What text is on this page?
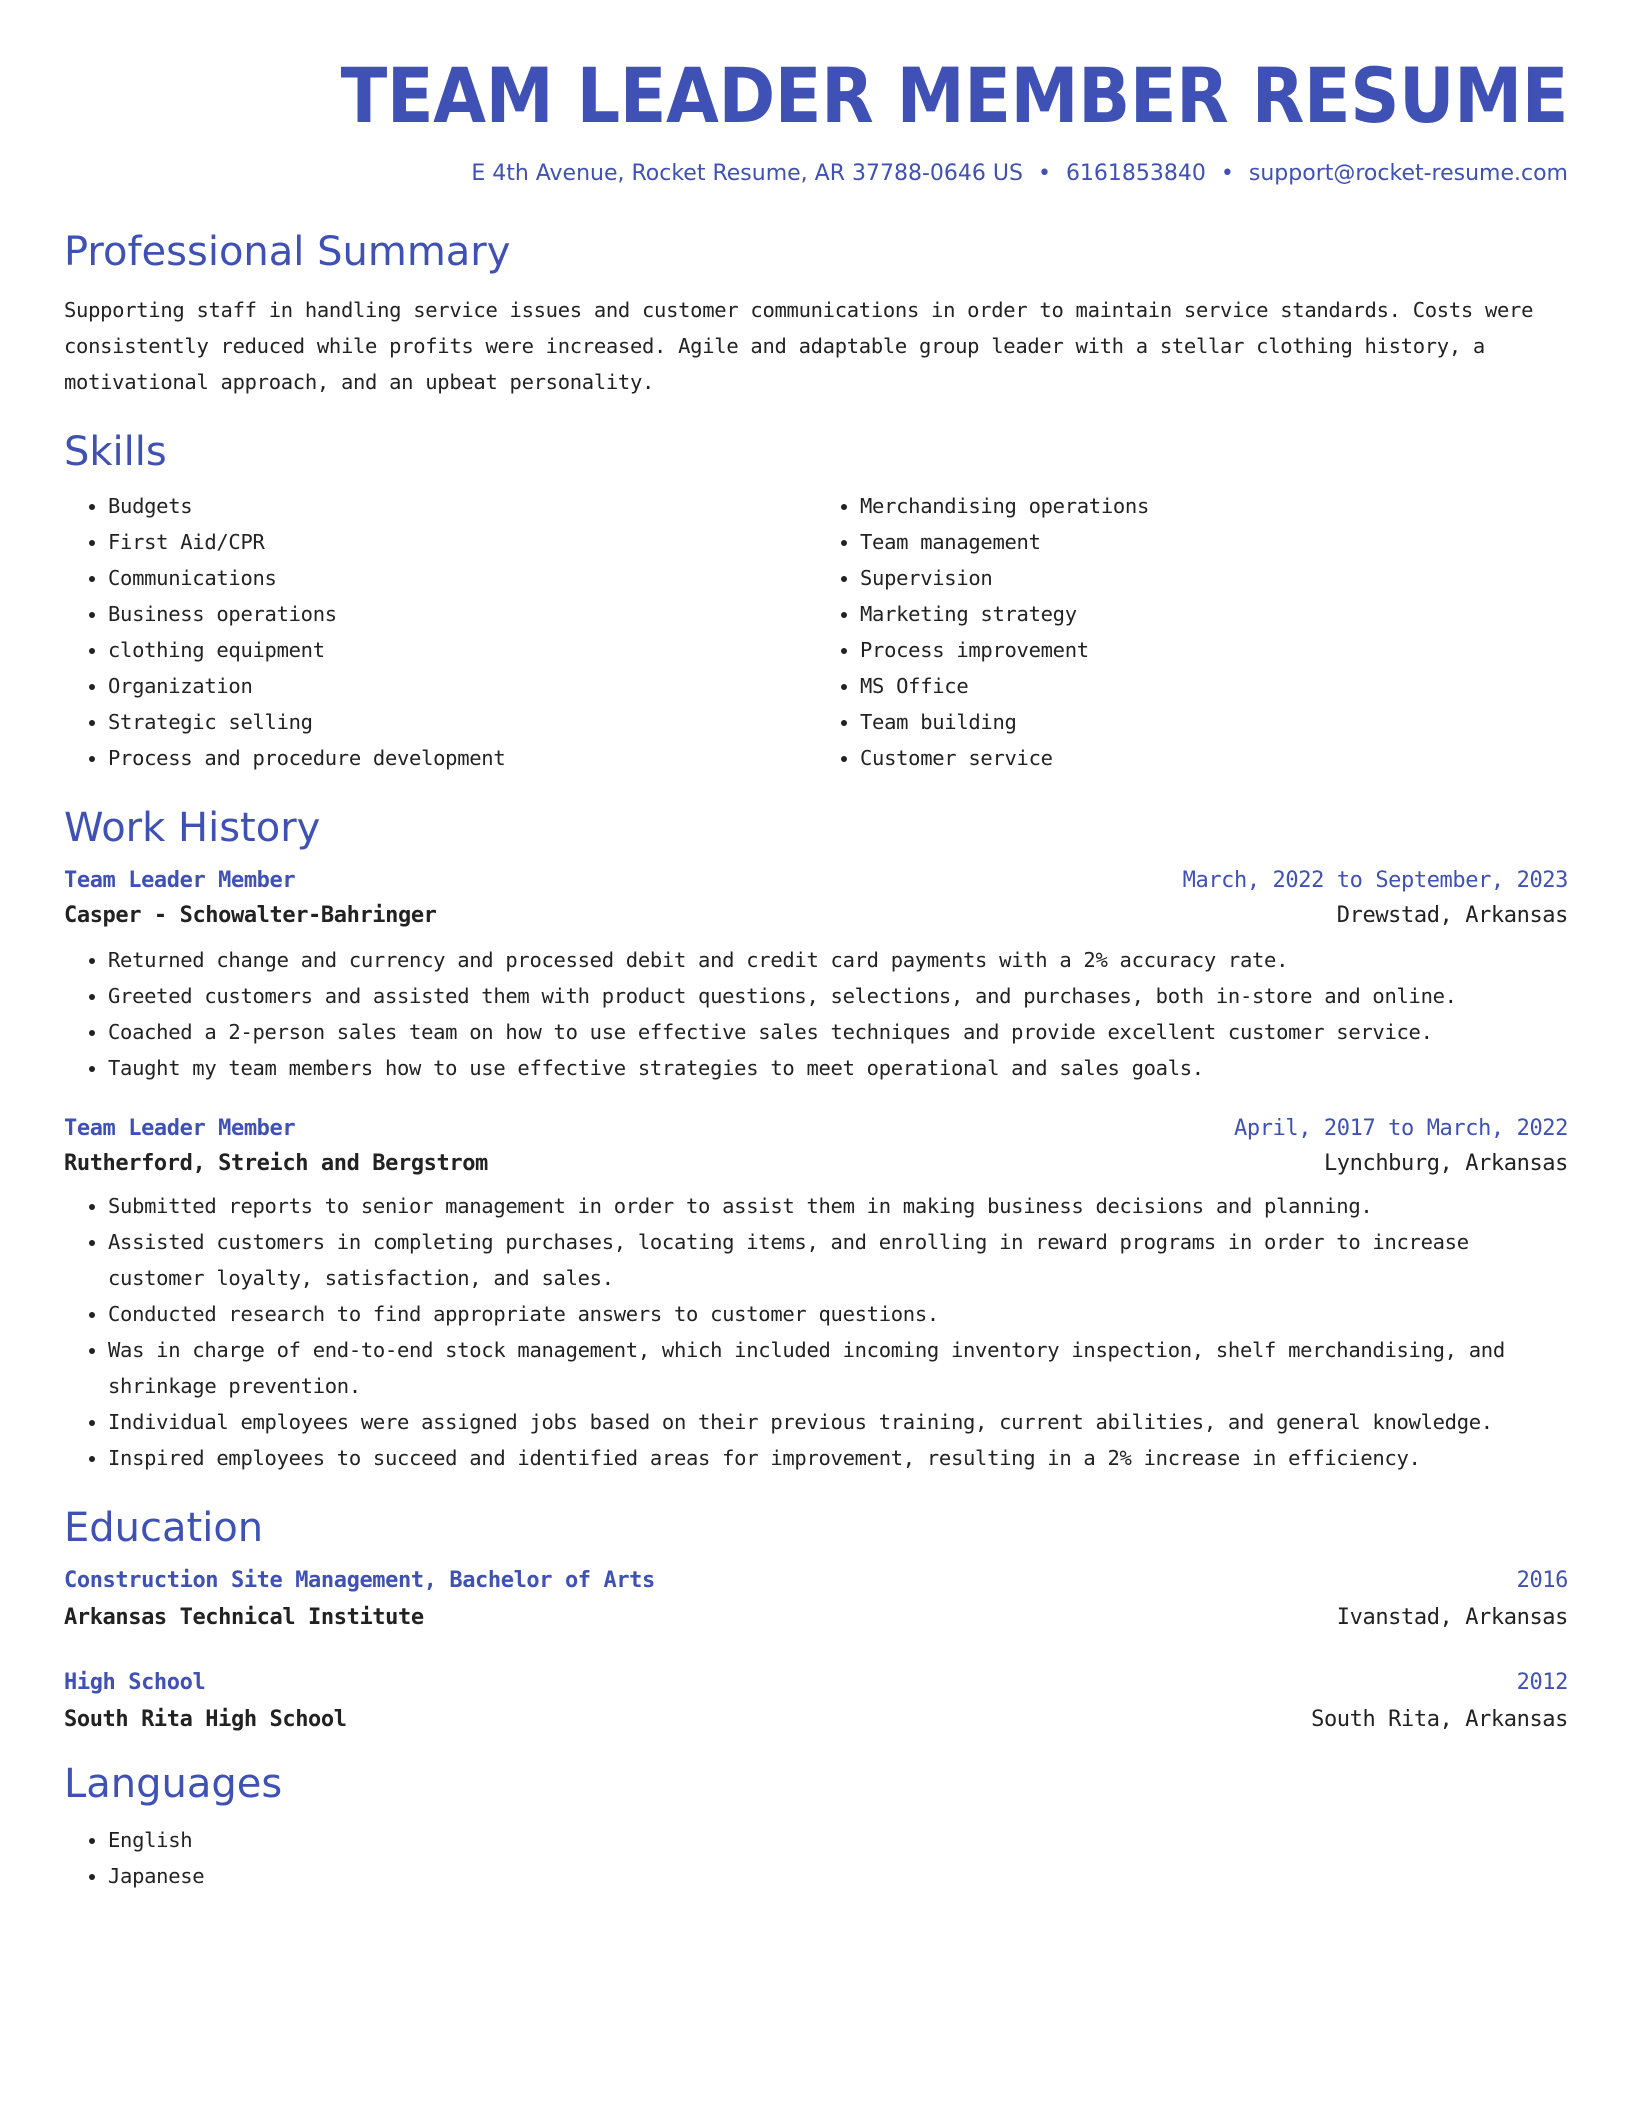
TEAM LEADER MEMBER RESUME
E 4th Avenue, Rocket Resume, AR 37788-0646 US • 6161853840 • support@rocket-resume.com
Professional Summary
Supporting staff in handling service issues and customer communications in order to maintain service standards. Costs were consistently reduced while profits were increased. Agile and adaptable group leader with a stellar clothing history, a motivational approach, and an upbeat personality.
Skills
• Budgets
• First Aid/CPR
• Communications
• Business operations
• clothing equipment
• Organization
• Strategic selling
• Process and procedure development
• Merchandising operations
• Team management
• Supervision
• Marketing strategy
• Process improvement
• MS Office
• Team building
• Customer service
Work History
Team Leader Member	March, 2022 to September, 2023
Casper - Schowalter-Bahringer	Drewstad, Arkansas
• Returned change and currency and processed debit and credit card payments with a 2% accuracy rate.
• Greeted customers and assisted them with product questions, selections, and purchases, both in-store and online.
• Coached a 2-person sales team on how to use effective sales techniques and provide excellent customer service.
• Taught my team members how to use effective strategies to meet operational and sales goals.
Team Leader Member	April, 2017 to March, 2022
Rutherford, Streich and Bergstrom	Lynchburg, Arkansas
• Submitted reports to senior management in order to assist them in making business decisions and planning.
• Assisted customers in completing purchases, locating items, and enrolling in reward programs in order to increase customer loyalty, satisfaction, and sales.
• Conducted research to find appropriate answers to customer questions.
• Was in charge of end-to-end stock management, which included incoming inventory inspection, shelf merchandising, and shrinkage prevention.
• Individual employees were assigned jobs based on their previous training, current abilities, and general knowledge.
• Inspired employees to succeed and identified areas for improvement, resulting in a 2% increase in efficiency.
Education
Construction Site Management, Bachelor of Arts	2016
Arkansas Technical Institute	Ivanstad, Arkansas
High School	2012
South Rita High School	South Rita, Arkansas
Languages
• English
• Japanese
